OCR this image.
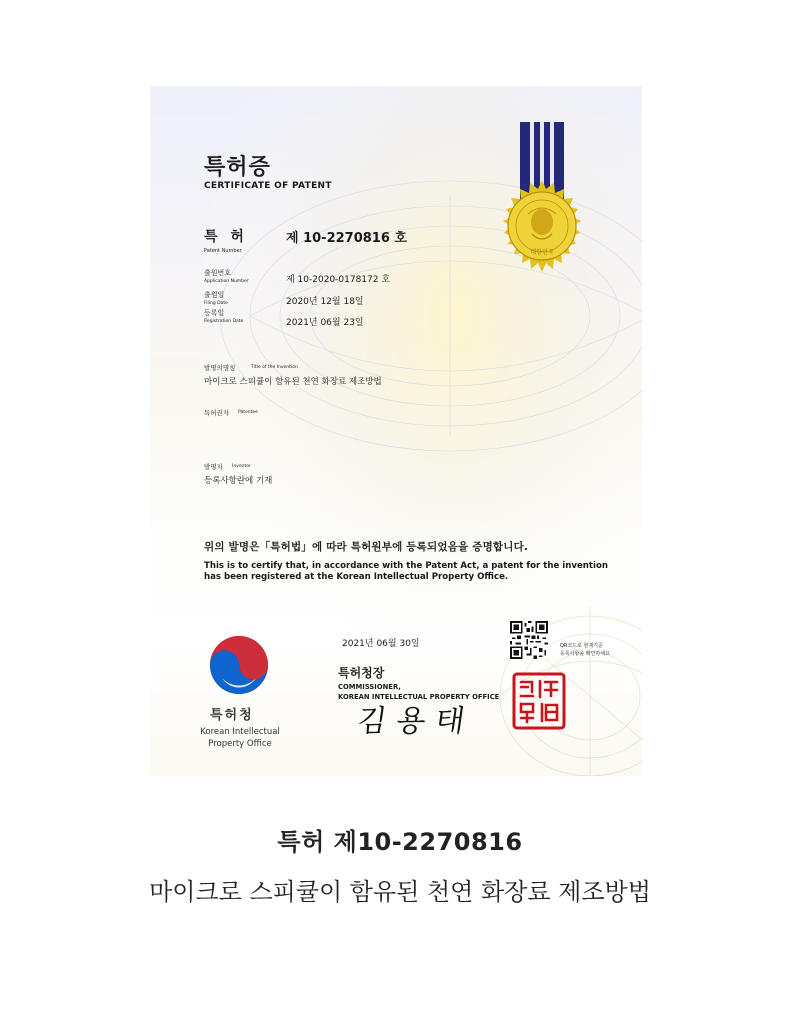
대한민국
특허증
CERTIFICATE OF PATENT
특 허
Patent Number
제 10-2270816 호
출원번호
Application Number	제 10-2020-0178172 호
출원일
Filing Date	2020년 12월 18일
등록일
Registration Date	2021년 06월 23일
발명의명칭	Title of the Invention
마이크로 스피큘이 함유된 천연 화장료 제조방법
특허권자 Patentee
발명자 Inventor
등록사항란에 기재
위의 발명은「특허법」에 따라 특허원부에 등록되었음을 증명합니다.
This is to certify that, in accordance with the Patent Act, a patent for the invention
has been registered at the Korean Intellectual Property Office.
특허청
Korean Intellectual
Property Office
2021년 06월 30일
특허청장
COMMISSIONER,
KOREAN INTELLECTUAL PROPERTY OFFICE
김용태
QR코드로 현재기준
등록사항을 확인하세요
특허청장인
특허 제10-2270816
마이크로 스피큘이 함유된 천연 화장료 제조방법
